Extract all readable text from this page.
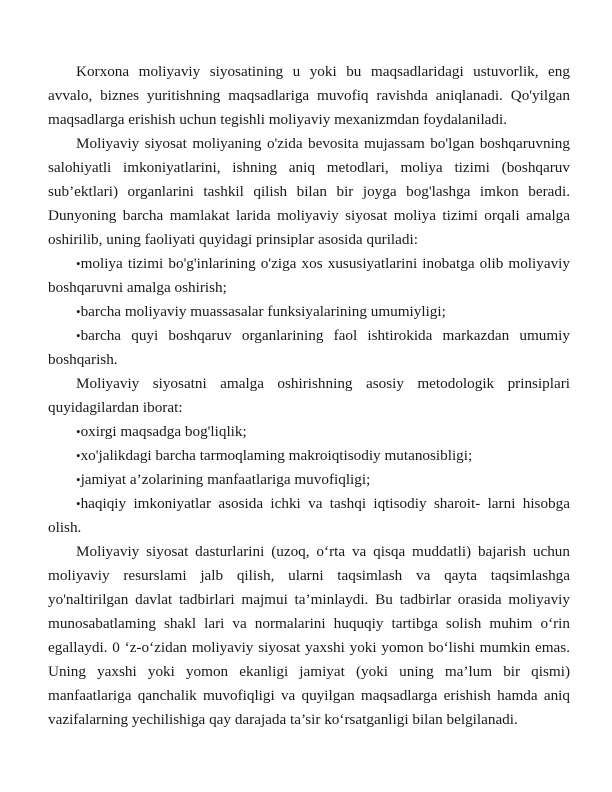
Korxona moliyaviy siyosatining u yoki bu maqsadlaridagi ustuvorlik, eng avvalo, biznes yuritishning maqsadlariga muvofiq ravishda aniqlanadi. Qo'yilgan maqsadlarga erishish uchun tegishli moliyaviy mexanizmdan foydalaniladi.

Moliyaviy siyosat moliyaning o'zida bevosita mujassam bo'lgan boshqaruvning salohiyatli imkoniyatlarini, ishning aniq metodlari, moliya tizimi (boshqaruv sub’ektlari) organlarini tashkil qilish bilan bir joyga bog'lashga imkon beradi. Dunyoning barcha mamlakat larida moliyaviy siyosat moliya tizimi orqali amalga oshirilib, uning faoliyati quyidagi prinsiplar asosida quriladi:

•moliya tizimi bo'g'inlarining o'ziga xos xususiyatlarini inobatga olib moliyaviy boshqaruvni amalga oshirish;
•barcha moliyaviy muassasalar funksiyalarining umumiyligi;
•barcha quyi boshqaruv organlarining faol ishtirokida markazdan umumiy boshqarish.

Moliyaviy siyosatni amalga oshirishning asosiy metodologik prinsiplari quyidagilardan iborat:

•oxirgi maqsadga bog'liqlik;
•xo'jalikdagi barcha tarmoqlaming makroiqtisodiy mutanosibligi;
•jamiyat a’zolarining manfaatlariga muvofiqligi;
•haqiqiy imkoniyatlar asosida ichki va tashqi iqtisodiy sharoit- larni hisobga olish.

Moliyaviy siyosat dasturlarini (uzoq, o‘rta va qisqa muddatli) bajarish uchun moliyaviy resurslami jalb qilish, ularni taqsimlash va qayta taqsimlashga yo'naltirilgan davlat tadbirlari majmui ta’minlaydi. Bu tadbirlar orasida moliyaviy munosabatlaming shakl lari va normalarini huquqiy tartibga solish muhim o‘rin egallaydi. 0 ‘z-o‘zidan moliyaviy siyosat yaxshi yoki yomon bo‘lishi mumkin emas. Uning yaxshi yoki yomon ekanligi jamiyat (yoki uning ma’lum bir qismi) manfaatlariga qanchalik muvofiqligi va quyilgan maqsadlarga erishish hamda aniq vazifalarning yechilishiga qay darajada ta’sir ko‘rsatganligi bilan belgilanadi.
